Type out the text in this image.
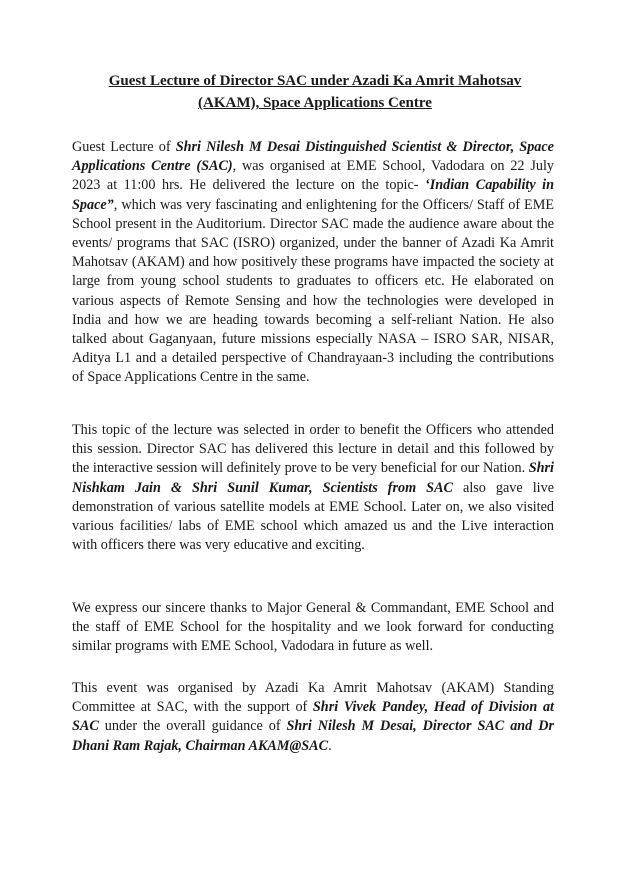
Guest Lecture of Director SAC under Azadi Ka Amrit Mahotsav
(AKAM), Space Applications Centre

Guest Lecture of Shri Nilesh M Desai Distinguished Scientist & Director, Space Applications Centre (SAC), was organised at EME School, Vadodara on 22 July 2023 at 11:00 hrs. He delivered the lecture on the topic- ‘Indian Capability in Space”, which was very fascinating and enlightening for the Officers/ Staff of EME School present in the Auditorium. Director SAC made the audience aware about the events/ programs that SAC (ISRO) organized, under the banner of Azadi Ka Amrit Mahotsav (AKAM) and how positively these programs have impacted the society at large from young school students to graduates to officers etc. He elaborated on various aspects of Remote Sensing and how the technologies were developed in India and how we are heading towards becoming a self-reliant Nation. He also talked about Gaganyaan, future missions especially NASA – ISRO SAR, NISAR, Aditya L1 and a detailed perspective of Chandrayaan-3 including the contributions of Space Applications Centre in the same.

This topic of the lecture was selected in order to benefit the Officers who attended this session. Director SAC has delivered this lecture in detail and this followed by the interactive session will definitely prove to be very beneficial for our Nation. Shri Nishkam Jain & Shri Sunil Kumar, Scientists from SAC also gave live demonstration of various satellite models at EME School. Later on, we also visited various facilities/ labs of EME school which amazed us and the Live interaction with officers there was very educative and exciting.

We express our sincere thanks to Major General & Commandant, EME School and the staff of EME School for the hospitality and we look forward for conducting similar programs with EME School, Vadodara in future as well.

This event was organised by Azadi Ka Amrit Mahotsav (AKAM) Standing Committee at SAC, with the support of Shri Vivek Pandey, Head of Division at SAC under the overall guidance of Shri Nilesh M Desai, Director SAC and Dr Dhani Ram Rajak, Chairman AKAM@SAC.
